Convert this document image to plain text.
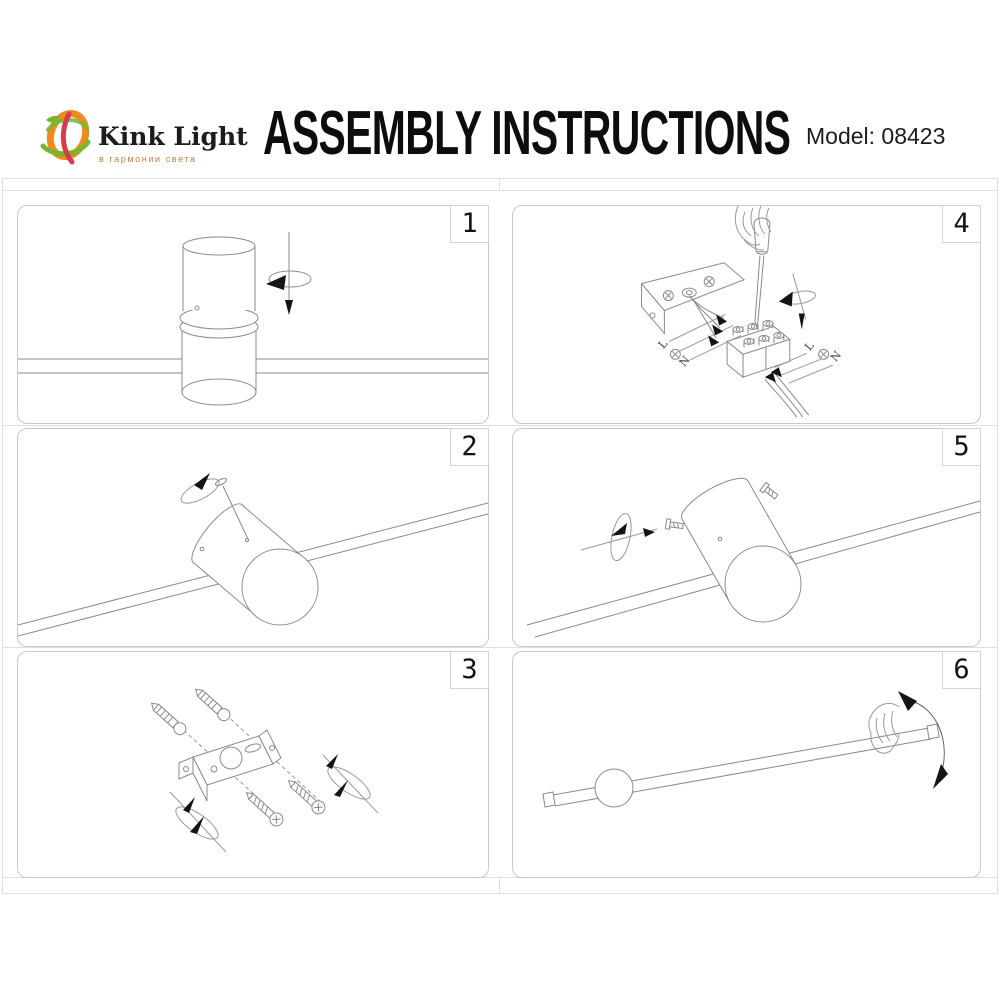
Kink Light
в гармонии света ASSEMBLY INSTRUCTIONS Model: 08423
1
2
3
L
N
L
N
4
5
6
